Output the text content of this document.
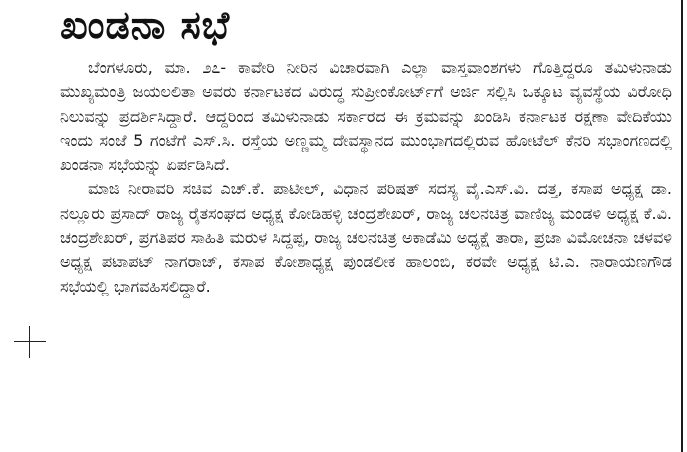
ಖಂಡನಾ ಸಭೆ

ಬೆಂಗಳೂರು, ಮಾ. ೨೭- ಕಾವೇರಿ ನೀರಿನ ವಿಚಾರವಾಗಿ ಎಲ್ಲಾ ವಾಸ್ತವಾಂಶಗಳು ಗೊತ್ತಿದ್ದರೂ ತಮಿಳುನಾಡು ಮುಖ್ಯಮಂತ್ರಿ ಜಯಲಲಿತಾ ಅವರು ಕರ್ನಾಟಕದ ವಿರುದ್ಧ ಸುಪ್ರೀಂಕೋರ್ಟ್‌ಗೆ ಅರ್ಜಿ ಸಲ್ಲಿಸಿ ಒಕ್ಕೂಟ ವ್ಯವಸ್ಥೆಯ ವಿರೋಧಿ ನಿಲುವನ್ನು ಪ್ರದರ್ಶಿಸಿದ್ದಾರೆ. ಆದ್ದರಿಂದ ತಮಿಳುನಾಡು ಸರ್ಕಾರದ ಈ ಕ್ರಮವನ್ನು ಖಂಡಿಸಿ ಕರ್ನಾಟಕ ರಕ್ಷಣಾ ವೇದಿಕೆಯು ಇಂದು ಸಂಜೆ 5 ಗಂಟೆಗೆ ಎಸ್.ಸಿ. ರಸ್ತೆಯ ಅಣ್ಣಮ್ಮ ದೇವಸ್ಥಾನದ ಮುಂಭಾಗದಲ್ಲಿರುವ ಹೋಟೆಲ್ ಕೆನರಿ ಸಭಾಂಗಣದಲ್ಲಿ ಖಂಡನಾ ಸಭೆಯನ್ನು ಏರ್ಪಡಿಸಿದೆ.

ಮಾಜಿ ನೀರಾವರಿ ಸಚಿವ ಎಚ್.ಕೆ. ಪಾಟೀಲ್, ವಿಧಾನ ಪರಿಷತ್ ಸದಸ್ಯ ವೈ.ಎಸ್.ವಿ. ದತ್ತ, ಕಸಾಪ ಅಧ್ಯಕ್ಷ ಡಾ. ನಲ್ಲೂರು ಪ್ರಸಾದ್ ರಾಜ್ಯ ರೈತಸಂಘದ ಅಧ್ಯಕ್ಷ ಕೋಡಿಹಳ್ಳಿ ಚಂದ್ರಶೇಖರ್, ರಾಜ್ಯ ಚಲನಚಿತ್ರ ವಾಣಿಜ್ಯ ಮಂಡಳಿ ಅಧ್ಯಕ್ಷ ಕೆ.ವಿ. ಚಂದ್ರಶೇಖರ್, ಪ್ರಗತಿಪರ ಸಾಹಿತಿ ಮರುಳ ಸಿದ್ದಪ್ಪ, ರಾಜ್ಯ ಚಲನಚಿತ್ರ ಅಕಾಡೆಮಿ ಅಧ್ಯಕ್ಷೆ ತಾರಾ, ಪ್ರಜಾ ವಿಮೋಚನಾ ಚಳವಳಿ ಅಧ್ಯಕ್ಷ ಪಟಾಪಟ್ ನಾಗರಾಜ್, ಕಸಾಪ ಕೋಶಾಧ್ಯಕ್ಷ ಪುಂಡಲೀಕ ಹಾಲಂಬಿ, ಕರವೇ ಅಧ್ಯಕ್ಷ ಟಿ.ಎ. ನಾರಾಯಣಗೌಡ ಸಭೆಯಲ್ಲಿ ಭಾಗವಹಿಸಲಿದ್ದಾರೆ.
